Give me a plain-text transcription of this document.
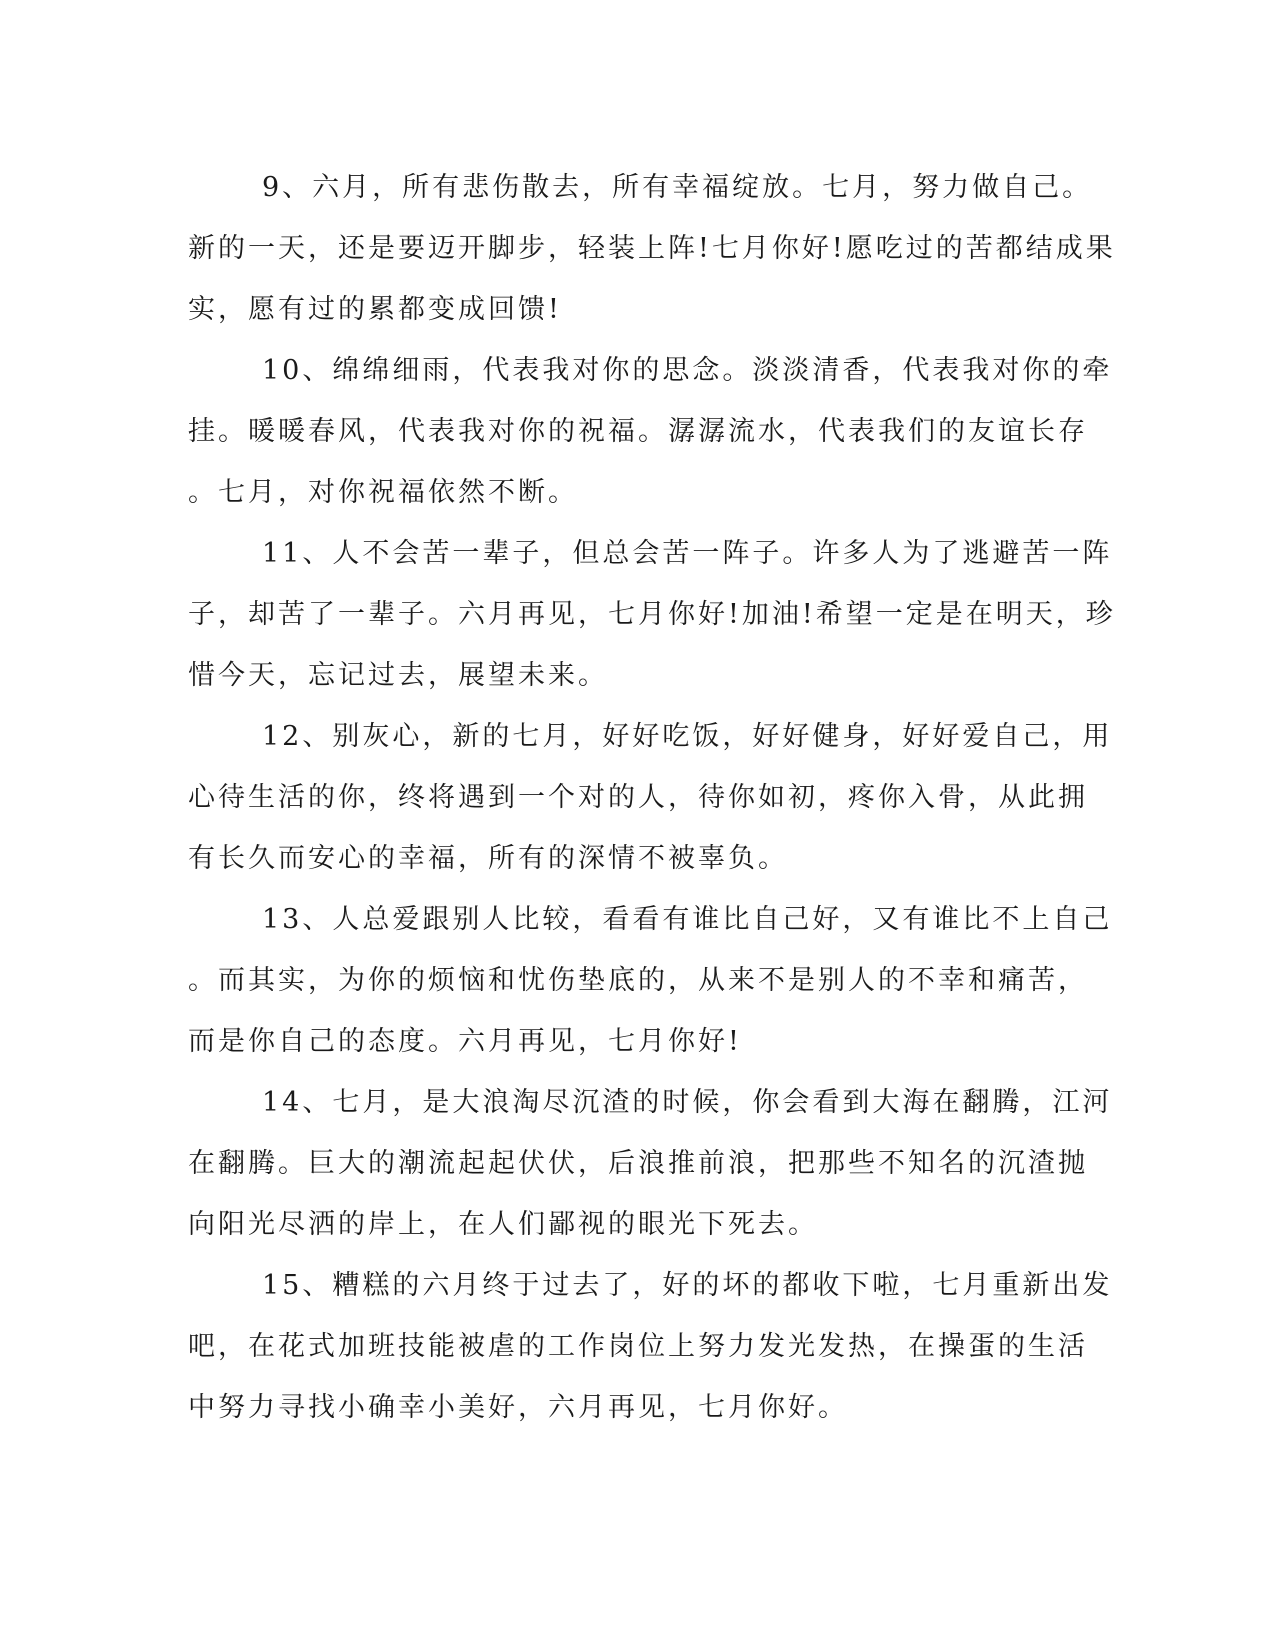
9、六月，所有悲伤散去，所有幸福绽放。七月，努力做自己。
新的一天，还是要迈开脚步，轻装上阵!七月你好!愿吃过的苦都结成果
实，愿有过的累都变成回馈!

10、绵绵细雨，代表我对你的思念。淡淡清香，代表我对你的牵
挂。暖暖春风，代表我对你的祝福。潺潺流水，代表我们的友谊长存
。七月，对你祝福依然不断。

11、人不会苦一辈子，但总会苦一阵子。许多人为了逃避苦一阵
子，却苦了一辈子。六月再见，七月你好!加油!希望一定是在明天，珍
惜今天，忘记过去，展望未来。

12、别灰心，新的七月，好好吃饭，好好健身，好好爱自己，用
心待生活的你，终将遇到一个对的人，待你如初，疼你入骨，从此拥
有长久而安心的幸福，所有的深情不被辜负。

13、人总爱跟别人比较，看看有谁比自己好，又有谁比不上自己
。而其实，为你的烦恼和忧伤垫底的，从来不是别人的不幸和痛苦，
而是你自己的态度。六月再见，七月你好!

14、七月，是大浪淘尽沉渣的时候，你会看到大海在翻腾，江河
在翻腾。巨大的潮流起起伏伏，后浪推前浪，把那些不知名的沉渣抛
向阳光尽洒的岸上，在人们鄙视的眼光下死去。

15、糟糕的六月终于过去了，好的坏的都收下啦，七月重新出发
吧，在花式加班技能被虐的工作岗位上努力发光发热，在操蛋的生活
中努力寻找小确幸小美好，六月再见，七月你好。
